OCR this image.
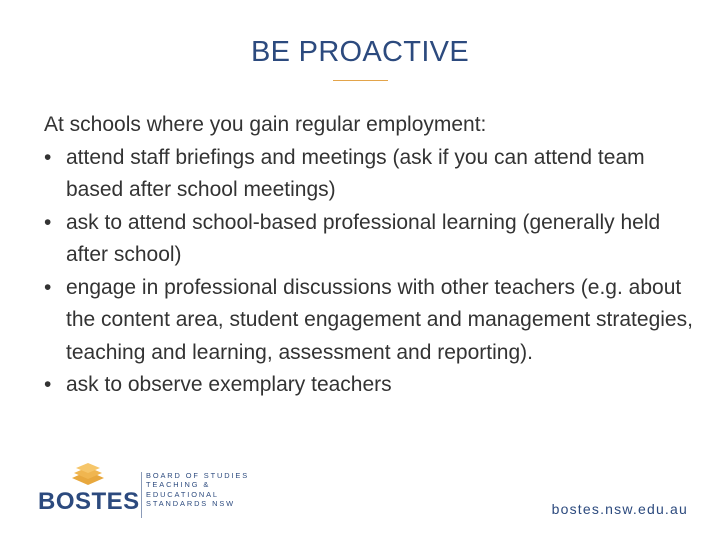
BE PROACTIVE

At schools where you gain regular employment:

• attend staff briefings and meetings (ask if you can attend team based after school meetings)
• ask to attend school-based professional learning (generally held after school)
• engage in professional discussions with other teachers (e.g. about the content area, student engagement and management strategies, teaching and learning, assessment and reporting).
• ask to observe exemplary teachers
BOSTES
BOARD OF STUDIES
TEACHING &
EDUCATIONAL
STANDARDS NSW	bostes.nsw.edu.au
